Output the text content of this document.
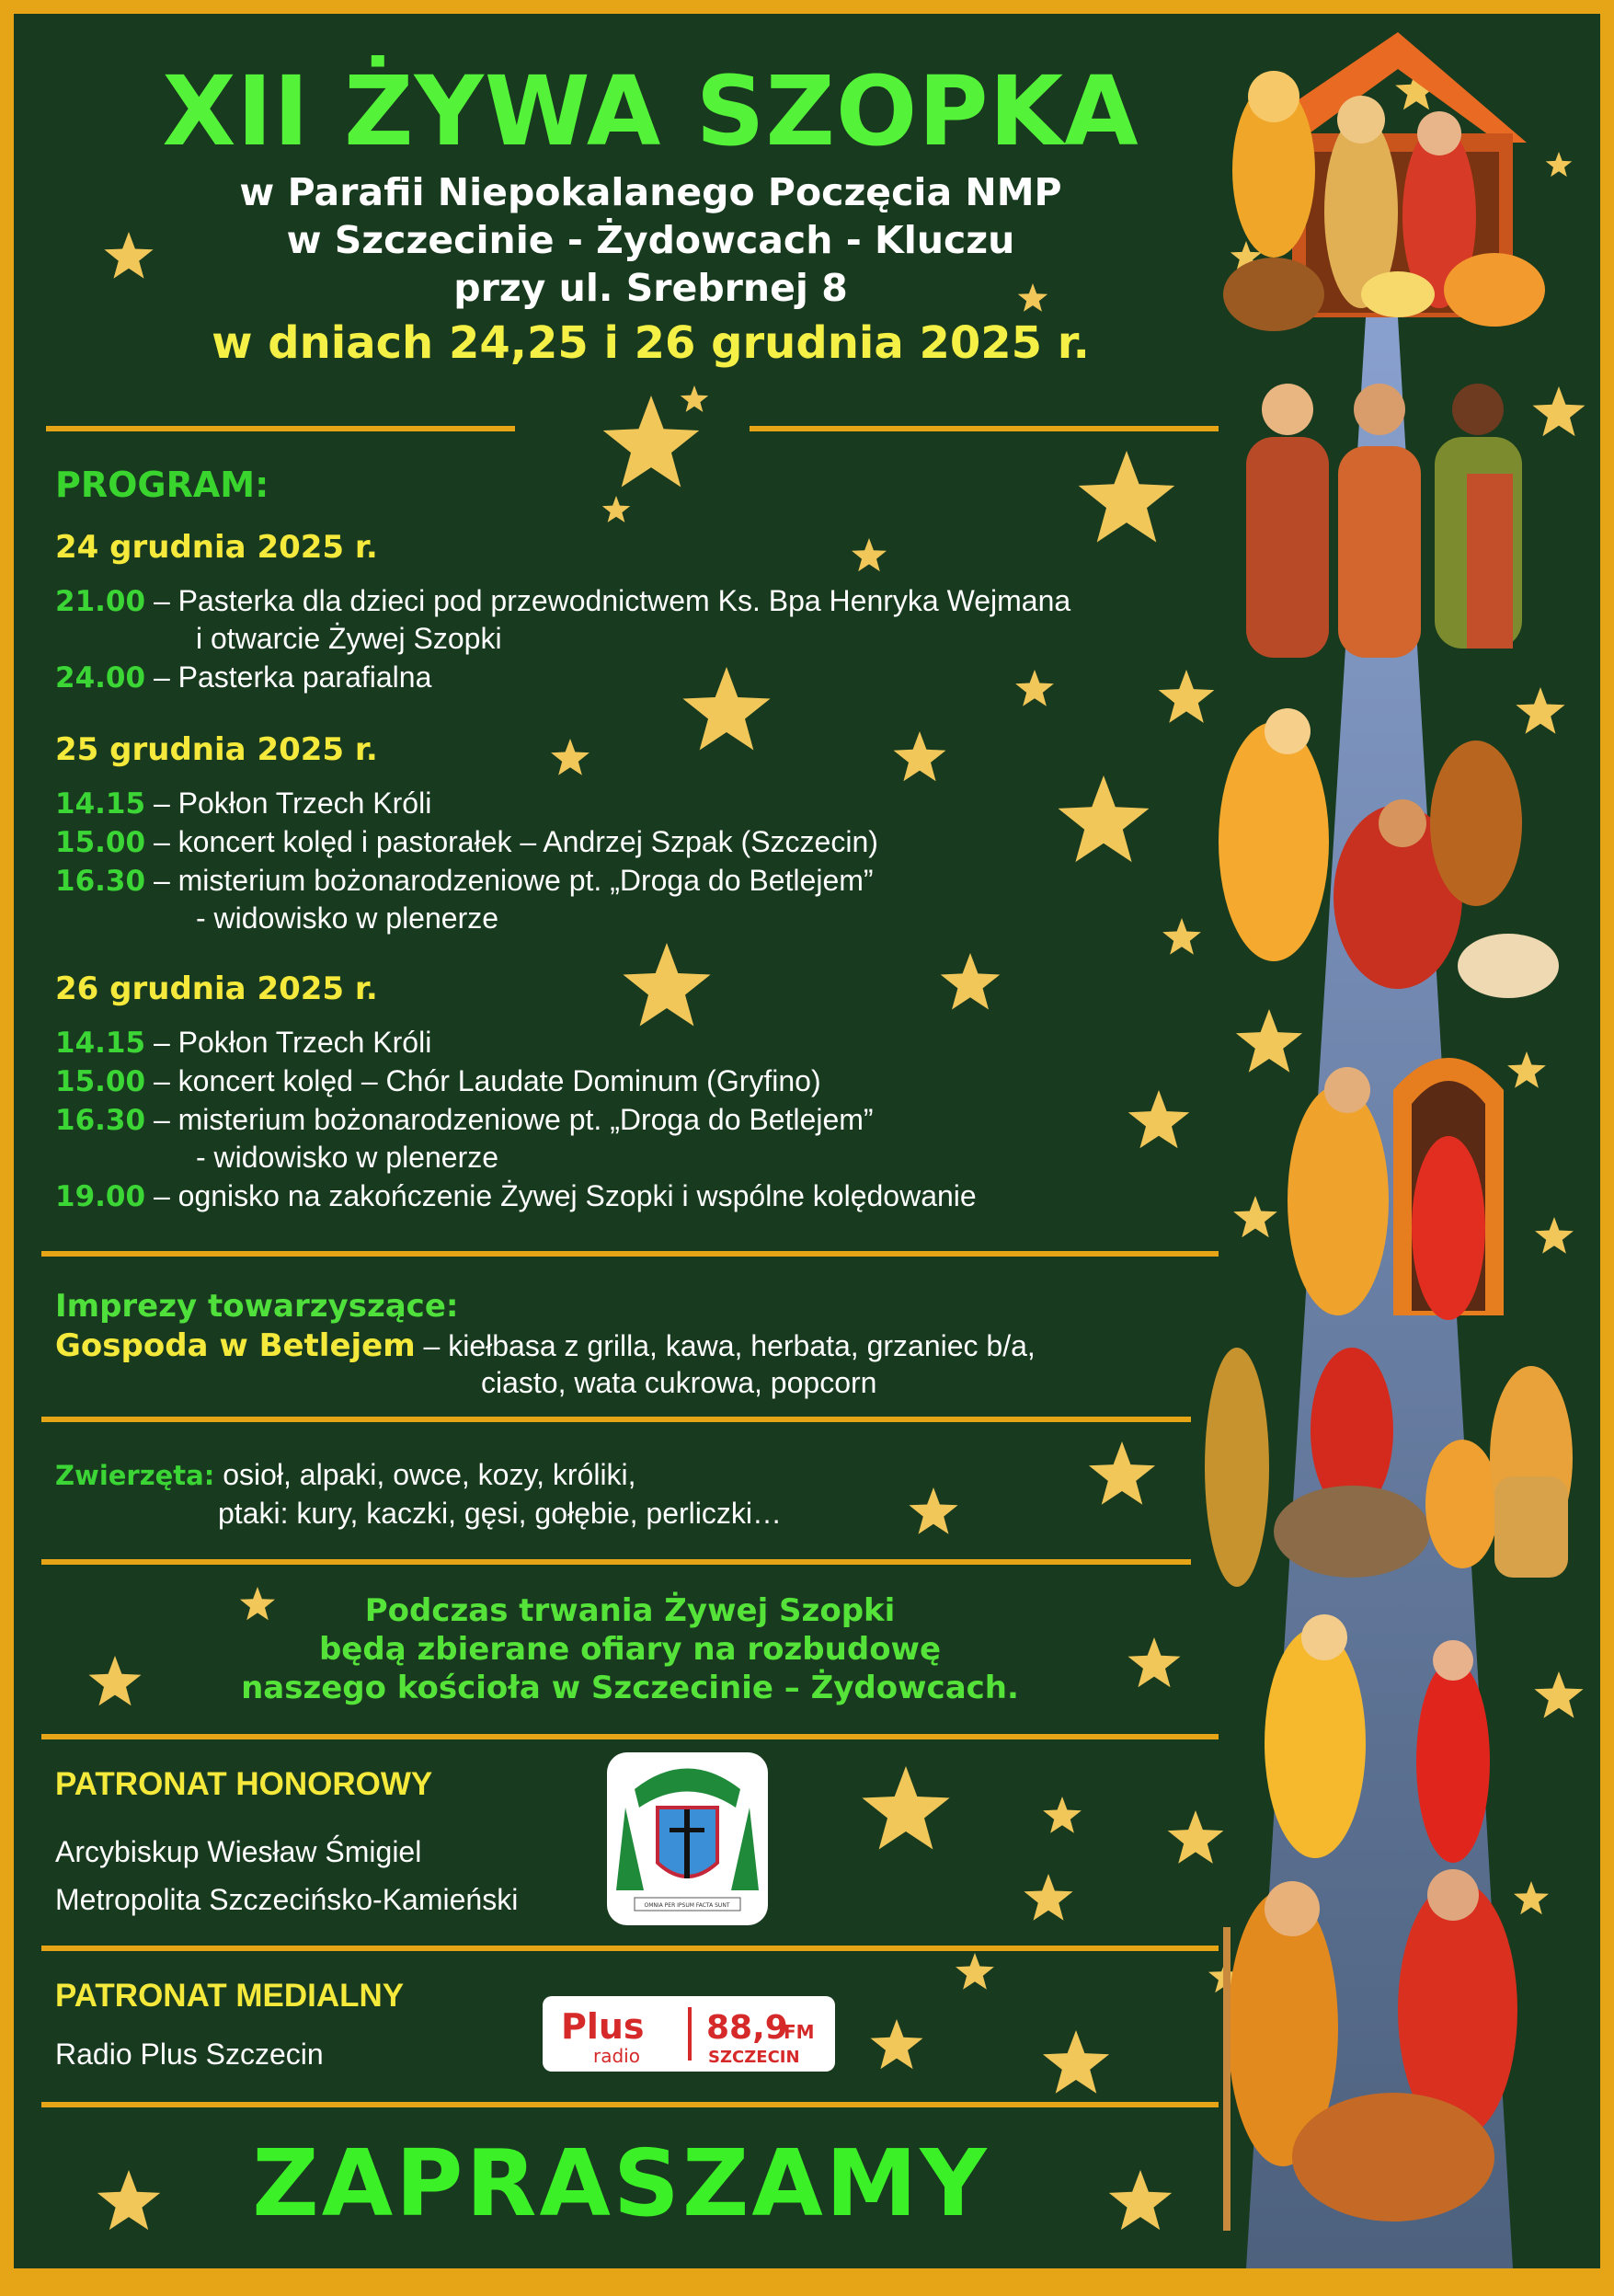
XII ŻYWA SZOPKA
w Parafii Niepokalanego Poczęcia NMP
w Szczecinie - Żydowcach - Kluczu
przy ul. Srebrnej 8
w dniach 24,25 i 26 grudnia 2025 r.
PROGRAM:
24 grudnia 2025 r.
21.00 – Pasterka dla dzieci pod przewodnictwem Ks. Bpa Henryka Wejmana
i otwarcie Żywej Szopki
24.00 – Pasterka parafialna
25 grudnia 2025 r.
14.15 – Pokłon Trzech Króli
15.00 – koncert kolęd i pastorałek – Andrzej Szpak (Szczecin)
16.30 – misterium bożonarodzeniowe pt. „Droga do Betlejem”
- widowisko w plenerze
26 grudnia 2025 r.
14.15 – Pokłon Trzech Króli
15.00 – koncert kolęd – Chór Laudate Dominum (Gryfino)
16.30 – misterium bożonarodzeniowe pt. „Droga do Betlejem”
- widowisko w plenerze
19.00 – ognisko na zakończenie Żywej Szopki i wspólne kolędowanie
Imprezy towarzyszące:
Gospoda w Betlejem – kiełbasa z grilla, kawa, herbata, grzaniec b/a,
ciasto, wata cukrowa, popcorn
Zwierzęta: osioł, alpaki, owce, kozy, króliki,
ptaki: kury, kaczki, gęsi, gołębie, perliczki…
Podczas trwania Żywej Szopki
będą zbierane ofiary na rozbudowę
naszego kościoła w Szczecinie – Żydowcach.
PATRONAT HONOROWY
Arcybiskup Wiesław Śmigiel
Metropolita Szczecińsko-Kamieński	OMNIA PER IPSUM FACTA SUNT
PATRONAT MEDIALNY
Radio Plus Szczecin
Plus
radio
88,9
FM
SZCZECIN
ZAPRASZAMY
